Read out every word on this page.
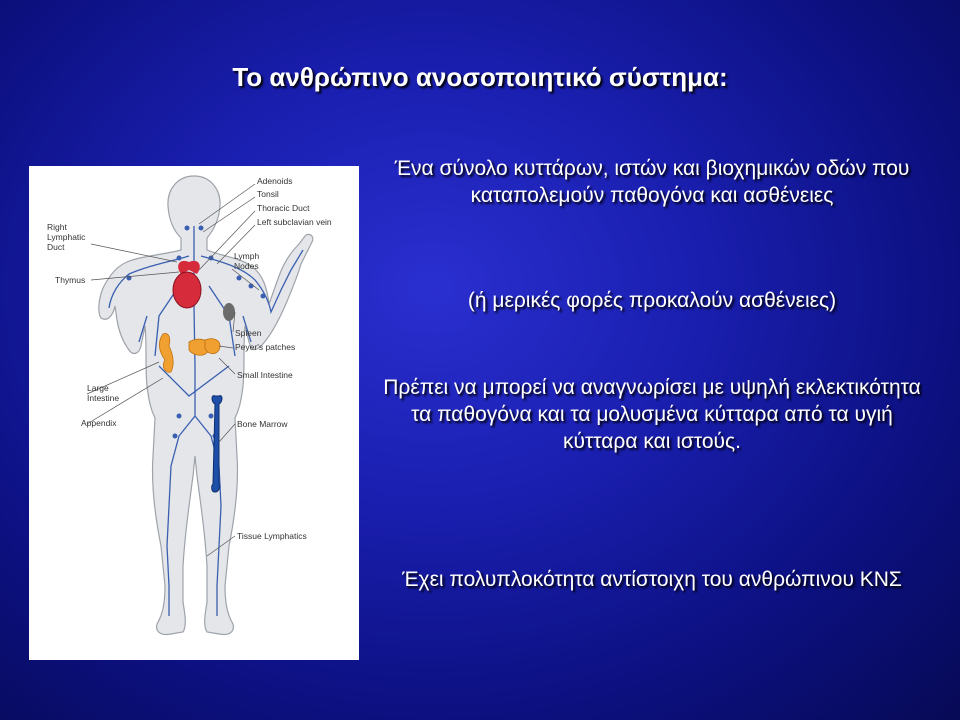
Το ανθρώπινο ανοσοποιητικό σύστημα:
Adenoids
Tonsil
Thoracic Duct
Left subclavian vein
Right
Lymphatic
Duct
Thymus
Lymph
Nodes
Spleen
Peyer's patches
Small Intestine
Large
Intestine
Appendix	Bone Marrow
Tissue Lymphatics

Ένα σύνολο κυττάρων, ιστών και βιοχημικών οδών που καταπολεμούν παθογόνα και ασθένειες

(ή μερικές φορές προκαλούν ασθένειες)

Πρέπει να μπορεί να αναγνωρίσει με υψηλή εκλεκτικότητα τα παθογόνα και τα μολυσμένα κύτταρα από τα υγιή κύτταρα και ιστούς.

Έχει πολυπλοκότητα αντίστοιχη του ανθρώπινου ΚΝΣ
